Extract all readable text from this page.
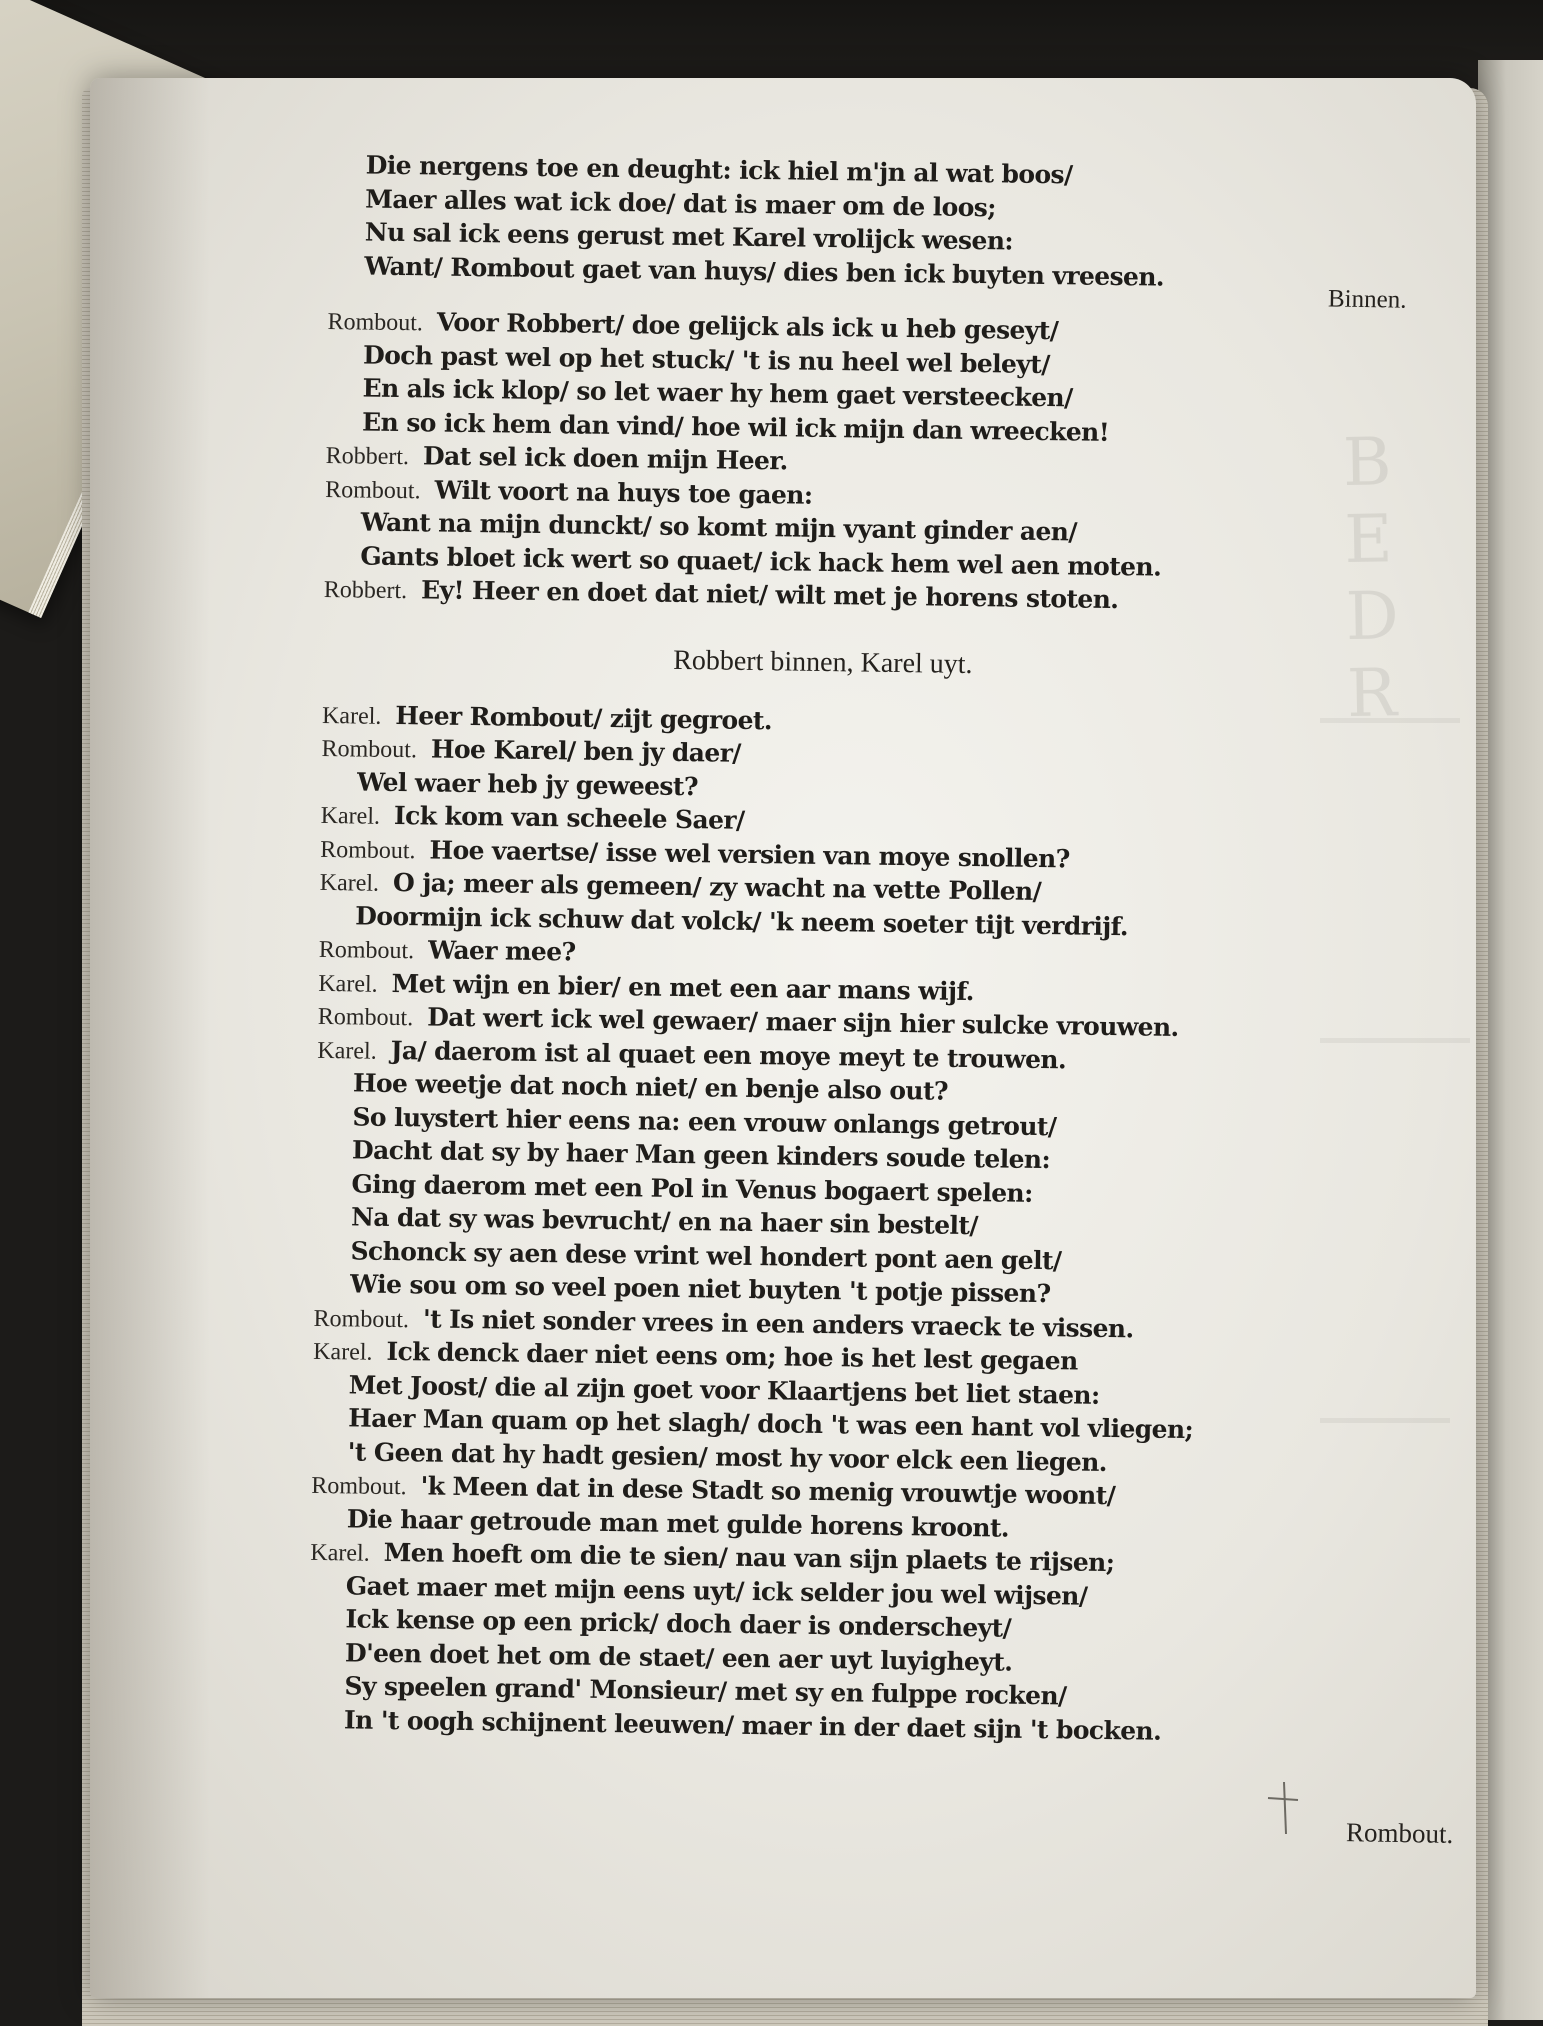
B E D R
Binnen.
Die nergens toe en deught: ick hiel m'jn al wat boos/
Maer alles wat ick doe/ dat is maer om de loos;
Nu sal ick eens gerust met Karel vrolijck wesen:
Want/ Rombout gaet van huys/ dies ben ick buyten vreesen.
Rombout. Voor Robbert/ doe gelijck als ick u heb geseyt/
Doch past wel op het stuck/ 't is nu heel wel beleyt/
En als ick klop/ so let waer hy hem gaet versteecken/
En so ick hem dan vind/ hoe wil ick mijn dan wreecken!
Robbert. Dat sel ick doen mijn Heer.
Rombout. Wilt voort na huys toe gaen:
Want na mijn dunckt/ so komt mijn vyant ginder aen/
Gants bloet ick wert so quaet/ ick hack hem wel aen moten.
Robbert. Ey! Heer en doet dat niet/ wilt met je horens stoten.
Robbert binnen, Karel uyt.
Karel. Heer Rombout/ zijt gegroet.
Rombout. Hoe Karel/ ben jy daer/
Wel waer heb jy geweest?
Karel. Ick kom van scheele Saer/
Rombout. Hoe vaertse/ isse wel versien van moye snollen?
Karel. O ja; meer als gemeen/ zy wacht na vette Pollen/
Doormijn ick schuw dat volck/ 'k neem soeter tijt verdrijf.
Rombout. Waer mee?
Karel. Met wijn en bier/ en met een aar mans wijf.
Rombout. Dat wert ick wel gewaer/ maer sijn hier sulcke vrouwen.
Karel. Ja/ daerom ist al quaet een moye meyt te trouwen.
Hoe weetje dat noch niet/ en benje also out?
So luystert hier eens na: een vrouw onlangs getrout/
Dacht dat sy by haer Man geen kinders soude telen:
Ging daerom met een Pol in Venus bogaert spelen:
Na dat sy was bevrucht/ en na haer sin bestelt/
Schonck sy aen dese vrint wel hondert pont aen gelt/
Wie sou om so veel poen niet buyten 't potje pissen?
Rombout. 't Is niet sonder vrees in een anders vraeck te vissen.
Karel. Ick denck daer niet eens om; hoe is het lest gegaen
Met Joost/ die al zijn goet voor Klaartjens bet liet staen:
Haer Man quam op het slagh/ doch 't was een hant vol vliegen;
't Geen dat hy hadt gesien/ most hy voor elck een liegen.
Rombout. 'k Meen dat in dese Stadt so menig vrouwtje woont/
Die haar getroude man met gulde horens kroont.
Karel. Men hoeft om die te sien/ nau van sijn plaets te rijsen;
Gaet maer met mijn eens uyt/ ick selder jou wel wijsen/
Ick kense op een prick/ doch daer is onderscheyt/
D'een doet het om de staet/ een aer uyt luyigheyt.
Sy speelen grand' Monsieur/ met sy en fulppe rocken/
In 't oogh schijnent leeuwen/ maer in der daet sijn 't bocken.
Rombout.
